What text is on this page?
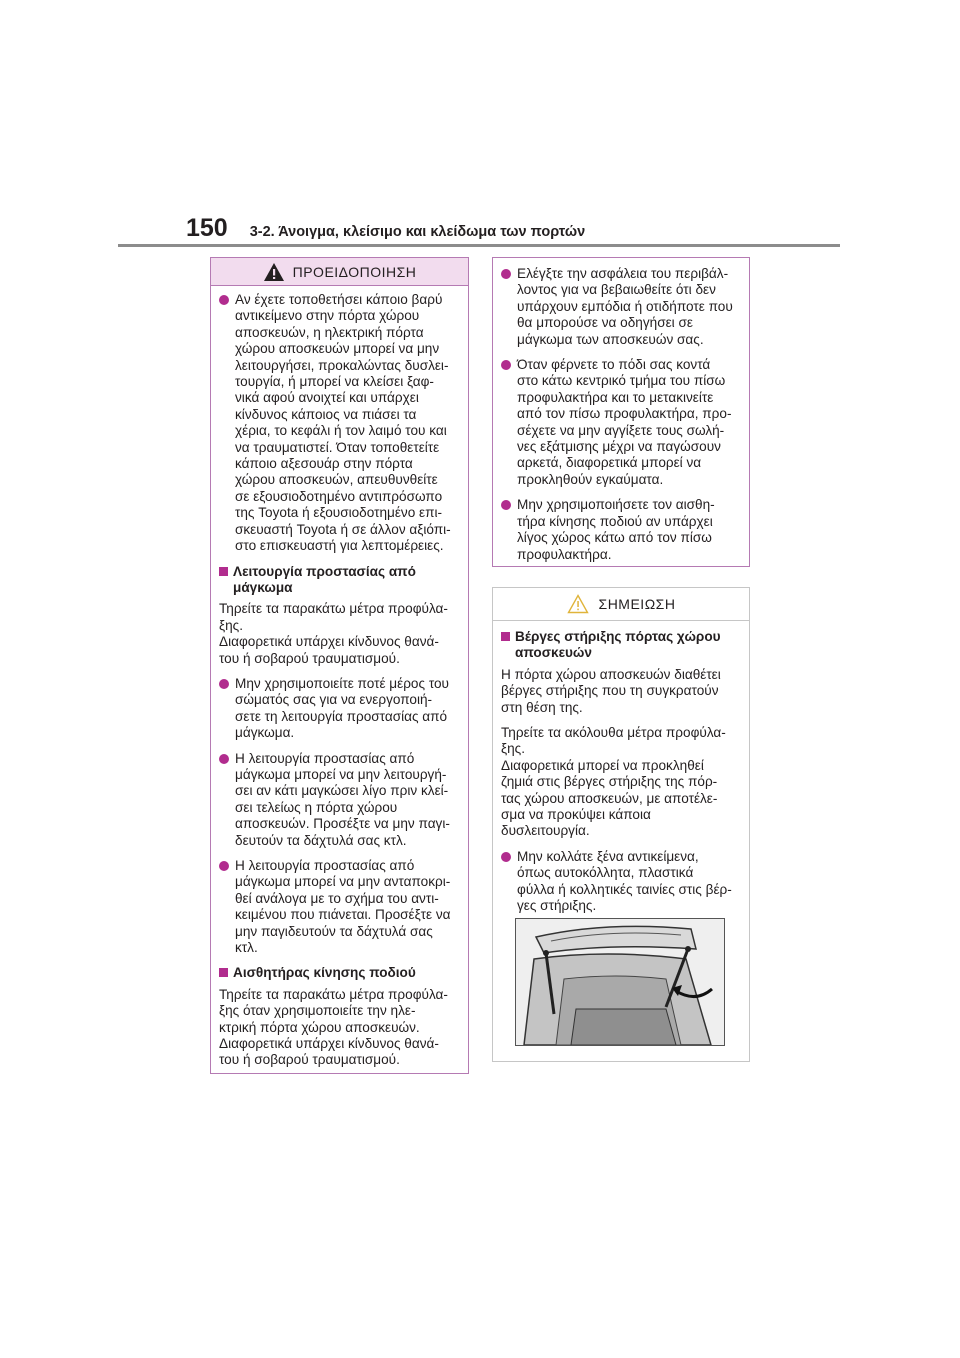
150 3-2. Άνοιγμα, κλείσιμο και κλείδωμα των πορτών
ΠΡΟΕΙΔΟΠΟΙΗΣΗ
Αν έχετε τοποθετήσει κάποιο βαρύ
αντικείμενο στην πόρτα χώρου
αποσκευών, η ηλεκτρική πόρτα
χώρου αποσκευών μπορεί να μην
λειτουργήσει, προκαλώντας δυσλει-
τουργία, ή μπορεί να κλείσει ξαφ-
νικά αφού ανοιχτεί και υπάρχει
κίνδυνος κάποιος να πιάσει τα
χέρια, το κεφάλι ή τον λαιμό του και
να τραυματιστεί. Όταν τοποθετείτε
κάποιο αξεσουάρ στην πόρτα
χώρου αποσκευών, απευθυνθείτε
σε εξουσιοδοτημένο αντιπρόσωπο
της Toyota ή εξουσιοδοτημένο επι-
σκευαστή Toyota ή σε άλλον αξιόπι-
στο επισκευαστή για λεπτομέρειες.
Λειτουργία προστασίας από
μάγκωμα
Τηρείτε τα παρακάτω μέτρα προφύλα-
ξης.
Διαφορετικά υπάρχει κίνδυνος θανά-
του ή σοβαρού τραυματισμού.
Μην χρησιμοποιείτε ποτέ μέρος του
σώματός σας για να ενεργοποιή-
σετε τη λειτουργία προστασίας από
μάγκωμα.
Η λειτουργία προστασίας από
μάγκωμα μπορεί να μην λειτουργή-
σει αν κάτι μαγκώσει λίγο πριν κλεί-
σει τελείως η πόρτα χώρου
αποσκευών. Προσέξτε να μην παγι-
δευτούν τα δάχτυλά σας κτλ.
Η λειτουργία προστασίας από
μάγκωμα μπορεί να μην ανταποκρι-
θεί ανάλογα με το σχήμα του αντι-
κειμένου που πιάνεται. Προσέξτε να
μην παγιδευτούν τα δάχτυλά σας
κτλ.
Αισθητήρας κίνησης ποδιού
Τηρείτε τα παρακάτω μέτρα προφύλα-
ξης όταν χρησιμοποιείτε την ηλε-
κτρική πόρτα χώρου αποσκευών.
Διαφορετικά υπάρχει κίνδυνος θανά-
του ή σοβαρού τραυματισμού.
Ελέγξτε την ασφάλεια του περιβάλ-
λοντος για να βεβαιωθείτε ότι δεν
υπάρχουν εμπόδια ή οτιδήποτε που
θα μπορούσε να οδηγήσει σε
μάγκωμα των αποσκευών σας.
Όταν φέρνετε το πόδι σας κοντά
στο κάτω κεντρικό τμήμα του πίσω
προφυλακτήρα και το μετακινείτε
από τον πίσω προφυλακτήρα, προ-
σέχετε να μην αγγίξετε τους σωλή-
νες εξάτμισης μέχρι να παγώσουν
αρκετά, διαφορετικά μπορεί να
προκληθούν εγκαύματα.
Μην χρησιμοποιήσετε τον αισθη-
τήρα κίνησης ποδιού αν υπάρχει
λίγος χώρος κάτω από τον πίσω
προφυλακτήρα.
ΣΗΜΕΙΩΣΗ
Βέργες στήριξης πόρτας χώρου
αποσκευών
Η πόρτα χώρου αποσκευών διαθέτει
βέργες στήριξης που τη συγκρατούν
στη θέση της.
Τηρείτε τα ακόλουθα μέτρα προφύλα-
ξης.
Διαφορετικά μπορεί να προκληθεί
ζημιά στις βέργες στήριξης της πόρ-
τας χώρου αποσκευών, με αποτέλε-
σμα να προκύψει κάποια
δυσλειτουργία.
Μην κολλάτε ξένα αντικείμενα,
όπως αυτοκόλλητα, πλαστικά
φύλλα ή κολλητικές ταινίες στις βέρ-
γες στήριξης.
